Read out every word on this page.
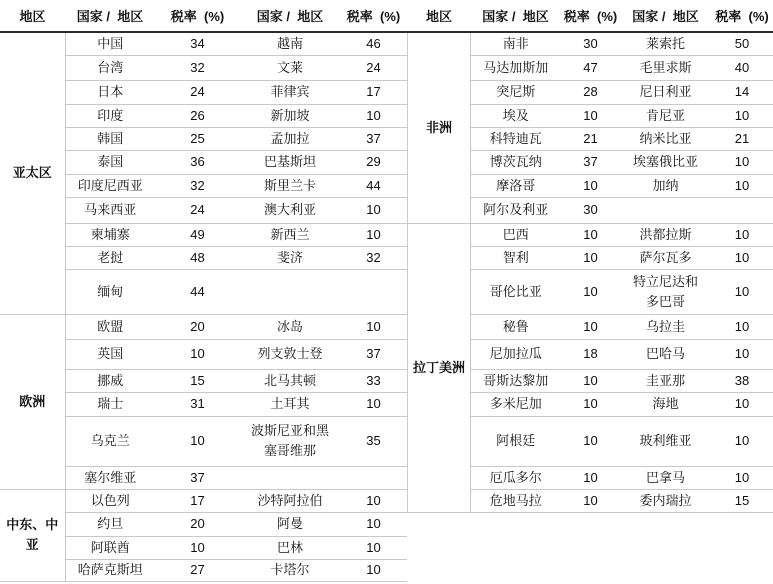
地区	国家 /  地区	税率  (%)	国家 /  地区	税率  (%)
亚太区	中国	34	越南	46
	台湾	32	文莱	24
	日本	24	菲律宾	17
	印度	26	新加坡	10
	韩国	25	孟加拉	37
	泰国	36	巴基斯坦	29
	印度尼西亚	32	斯里兰卡	44
	马来西亚	24	澳大利亚	10
	柬埔寨	49	新西兰	10
	老挝	48	斐济	32
	缅甸	44		
欧洲	欧盟	20	冰岛	10
	英国	10	列支敦士登	37
	挪威	15	北马其顿	33
	瑞士	31	土耳其	10
	乌克兰	10	波斯尼亚和黑塞哥维那	35
	塞尔维亚	37		
中东、中亚	以色列	17	沙特阿拉伯	10
	约旦	20	阿曼	10
	阿联酋	10	巴林	10
	哈萨克斯坦	27	卡塔尔	10
地区	国家 /  地区	税率  (%)	国家 /  地区	税率  (%)
非洲	南非	30	莱索托	50
	马达加斯加	47	毛里求斯	40
	突尼斯	28	尼日利亚	14
	埃及	10	肯尼亚	10
	科特迪瓦	21	纳米比亚	21
	博茨瓦纳	37	埃塞俄比亚	10
	摩洛哥	10	加纳	10
	阿尔及利亚	30		
拉丁美洲	巴西	10	洪都拉斯	10
	智利	10	萨尔瓦多	10
	哥伦比亚	10	特立尼达和多巴哥	10
	秘鲁	10	乌拉圭	10
	尼加拉瓜	18	巴哈马	10
	哥斯达黎加	10	圭亚那	38
	多米尼加	10	海地	10
	阿根廷	10	玻利维亚	10
	厄瓜多尔	10	巴拿马	10
	危地马拉	10	委内瑞拉	15
